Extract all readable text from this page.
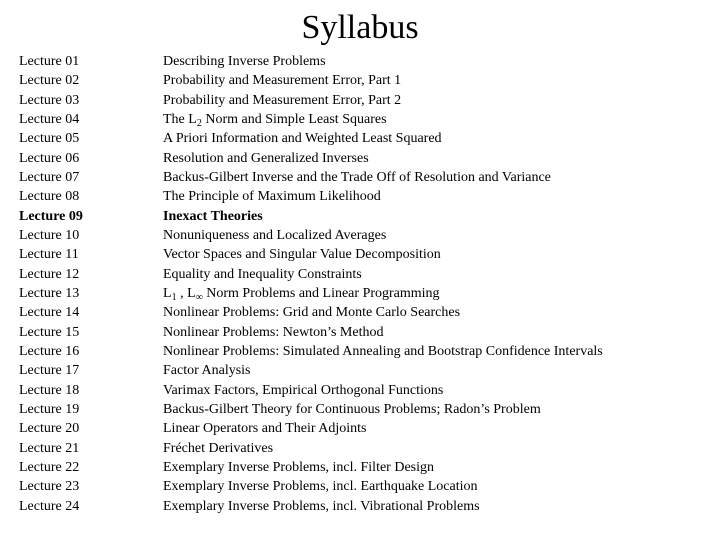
Syllabus
Lecture 01	Describing Inverse Problems
Lecture 02	Probability and Measurement Error, Part 1
Lecture 03	Probability and Measurement Error, Part 2
Lecture 04	The $L_2$ Norm and Simple Least Squares
Lecture 05	A Priori Information and Weighted Least Squared
Lecture 06	Resolution and Generalized Inverses
Lecture 07	Backus-Gilbert Inverse and the Trade Off of Resolution and Variance
Lecture 08	The Principle of Maximum Likelihood
Lecture 09	Inexact Theories
Lecture 10	Nonuniqueness and Localized Averages
Lecture 11	Vector Spaces and Singular Value Decomposition
Lecture 12	Equality and Inequality Constraints
Lecture 13	$L_1$ , $L_\infty$ Norm Problems and Linear Programming
Lecture 14	Nonlinear Problems: Grid and Monte Carlo Searches
Lecture 15	Nonlinear Problems: Newton’s Method
Lecture 16	Nonlinear Problems: Simulated Annealing and Bootstrap Confidence Intervals
Lecture 17	Factor Analysis
Lecture 18	Varimax Factors, Empirical Orthogonal Functions
Lecture 19	Backus-Gilbert Theory for Continuous Problems; Radon’s Problem
Lecture 20	Linear Operators and Their Adjoints
Lecture 21	Fréchet Derivatives
Lecture 22	Exemplary Inverse Problems, incl. Filter Design
Lecture 23	Exemplary Inverse Problems, incl. Earthquake Location
Lecture 24	Exemplary Inverse Problems, incl. Vibrational Problems
